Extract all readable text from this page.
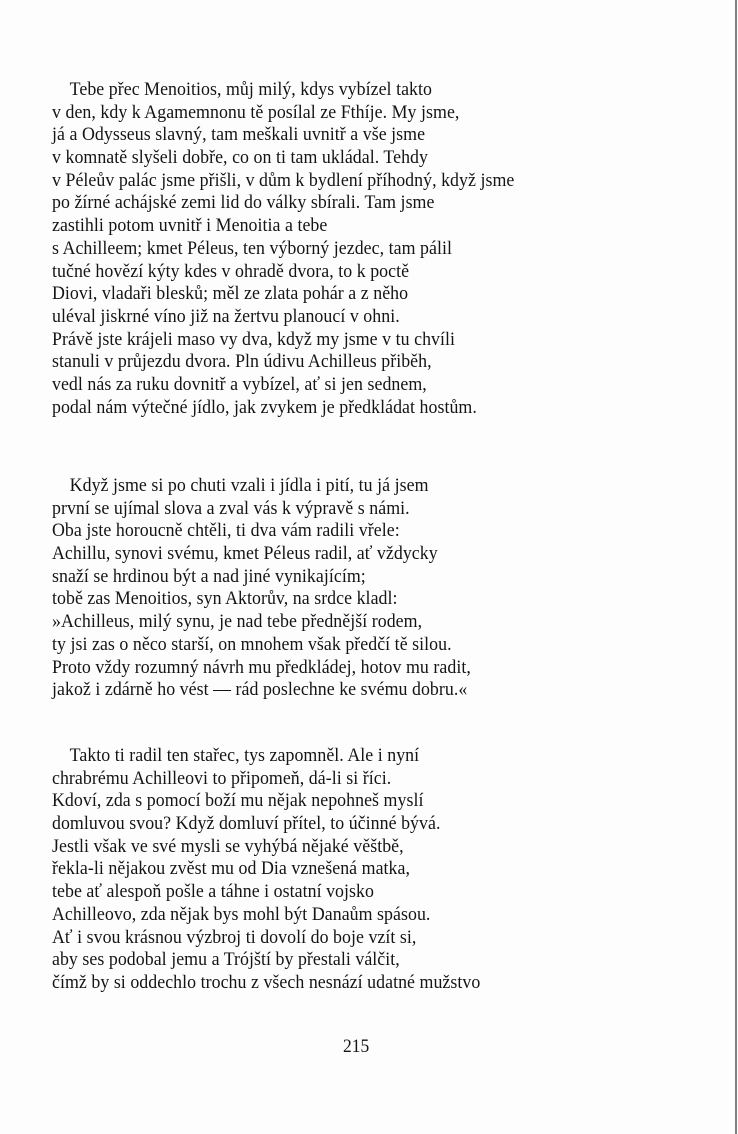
Tebe přec Menoitios, můj milý, kdys vybízel takto
v den, kdy k Agamemnonu tě posílal ze Fthíje. My jsme,
já a Odysseus slavný, tam meškali uvnitř a vše jsme
v komnatě slyšeli dobře, co on ti tam ukládal. Tehdy
v Péleův palác jsme přišli, v dům k bydlení příhodný, když jsme
po žírné achájské zemi lid do války sbírali. Tam jsme
zastihli potom uvnitř i Menoitia a tebe
s Achilleem; kmet Péleus, ten výborný jezdec, tam pálil
tučné hovězí kýty kdes v ohradě dvora, to k poctě
Diovi, vladaři blesků; měl ze zlata pohár a z něho
uléval jiskrné víno již na žertvu planoucí v ohni.
Právě jste krájeli maso vy dva, když my jsme v tu chvíli
stanuli v průjezdu dvora. Pln údivu Achilleus přiběh,
vedl nás za ruku dovnitř a vybízel, ať si jen sednem,
podal nám výtečné jídlo, jak zvykem je předkládat hostům.
Když jsme si po chuti vzali i jídla i pití, tu já jsem
první se ujímal slova a zval vás k výpravě s námi.
Oba jste horoucně chtěli, ti dva vám radili vřele:
Achillu, synovi svému, kmet Péleus radil, ať vždycky
snaží se hrdinou být a nad jiné vynikajícím;
tobě zas Menoitios, syn Aktorův, na srdce kladl:
»Achilleus, milý synu, je nad tebe přednější rodem,
ty jsi zas o něco starší, on mnohem však předčí tě silou.
Proto vždy rozumný návrh mu předkládej, hotov mu radit,
jakož i zdárně ho vést — rád poslechne ke svému dobru.«
Takto ti radil ten stařec, tys zapomněl. Ale i nyní
chrabrému Achilleovi to připomeň, dá-li si říci.
Kdoví, zda s pomocí boží mu nějak nepohneš myslí
domluvou svou? Když domluví přítel, to účinné bývá.
Jestli však ve své mysli se vyhýbá nějaké věštbě,
řekla-li nějakou zvěst mu od Dia vznešená matka,
tebe ať alespoň pošle a táhne i ostatní vojsko
Achilleovo, zda nějak bys mohl být Danaům spásou.
Ať i svou krásnou výzbroj ti dovolí do boje vzít si,
aby ses podobal jemu a Trójští by přestali válčit,
čímž by si oddechlo trochu z všech nesnází udatné mužstvo
215
